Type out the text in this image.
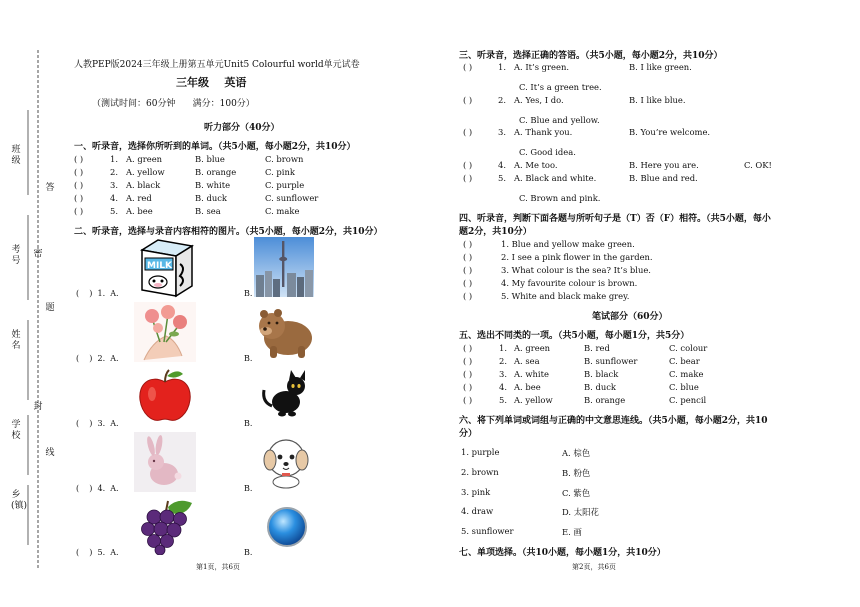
班级
考号
姓名
学校
乡(镇)
答
密
题
封
线
人教PEP版2024三年级上册第五单元Unit5 Colourful world单元试卷
三年级    英语
（测试时间：60分钟      满分：100分）
听力部分（40分）
一、听录音，选择你所听到的单词。（共5小题，每小题2分，共10分）
( )	1. A. green	B. blue	C. brown
( )	2. A. yellow	B. orange	C. pink
( )	3. A. black	B. white	C. purple
( )	4. A. red	B. duck	C. sunflower
( )	5. A. bee	B. sea	C. make
二、听录音，选择与录音内容相符的图片。（共5小题，每小题2分，共10分）
(    )  1.  A.	B.
MILK
(    )  2.  A.	B.
(    )  3.  A.	B.
(    )  4.  A.	B.
(    )  5.  A.	B.
第1页，共6页
三、听录音，选择正确的答语。（共5小题，每小题2分，共10分）
( )	1. A. It’s green.	B. I like green.
C. It’s a green tree.
( )	2. A. Yes, I do.	B. I like blue.
C. Blue and yellow.
( )	3. A. Thank you.	B. You’re welcome.
C. Good idea.
( )	4. A. Me too.	B. Here you are.	C. OK!
( )	5. A. Black and white.	B. Blue and red.
C. Brown and pink.
四、听录音，判断下面各题与所听句子是（T）否（F）相符。（共5小题，每小
题2分，共10分）
( )	1. Blue and yellow make green.
( )	2. I see a pink flower in the garden.
( )	3. What colour is the sea? It’s blue.
( )	4. My favourite colour is brown.
( )	5. White and black make grey.
笔试部分（60分）
五、选出不同类的一项。（共5小题，每小题1分，共5分）
( )	1. A. green	B. red	C. colour
( )	2. A. sea	B. sunflower	C. bear
( )	3. A. white	B. black	C. make
( )	4. A. bee	B. duck	C. blue
( )	5. A. yellow	B. orange	C. pencil
六、将下列单词或词组与正确的中文意思连线。（共5小题，每小题2分，共10
分）
1. purple	A. 棕色
2. brown	B. 粉色
3. pink	C. 紫色
4. draw	D. 太阳花
5. sunflower	E. 画
七、单项选择。（共10小题，每小题1分，共10分）
第2页，共6页
